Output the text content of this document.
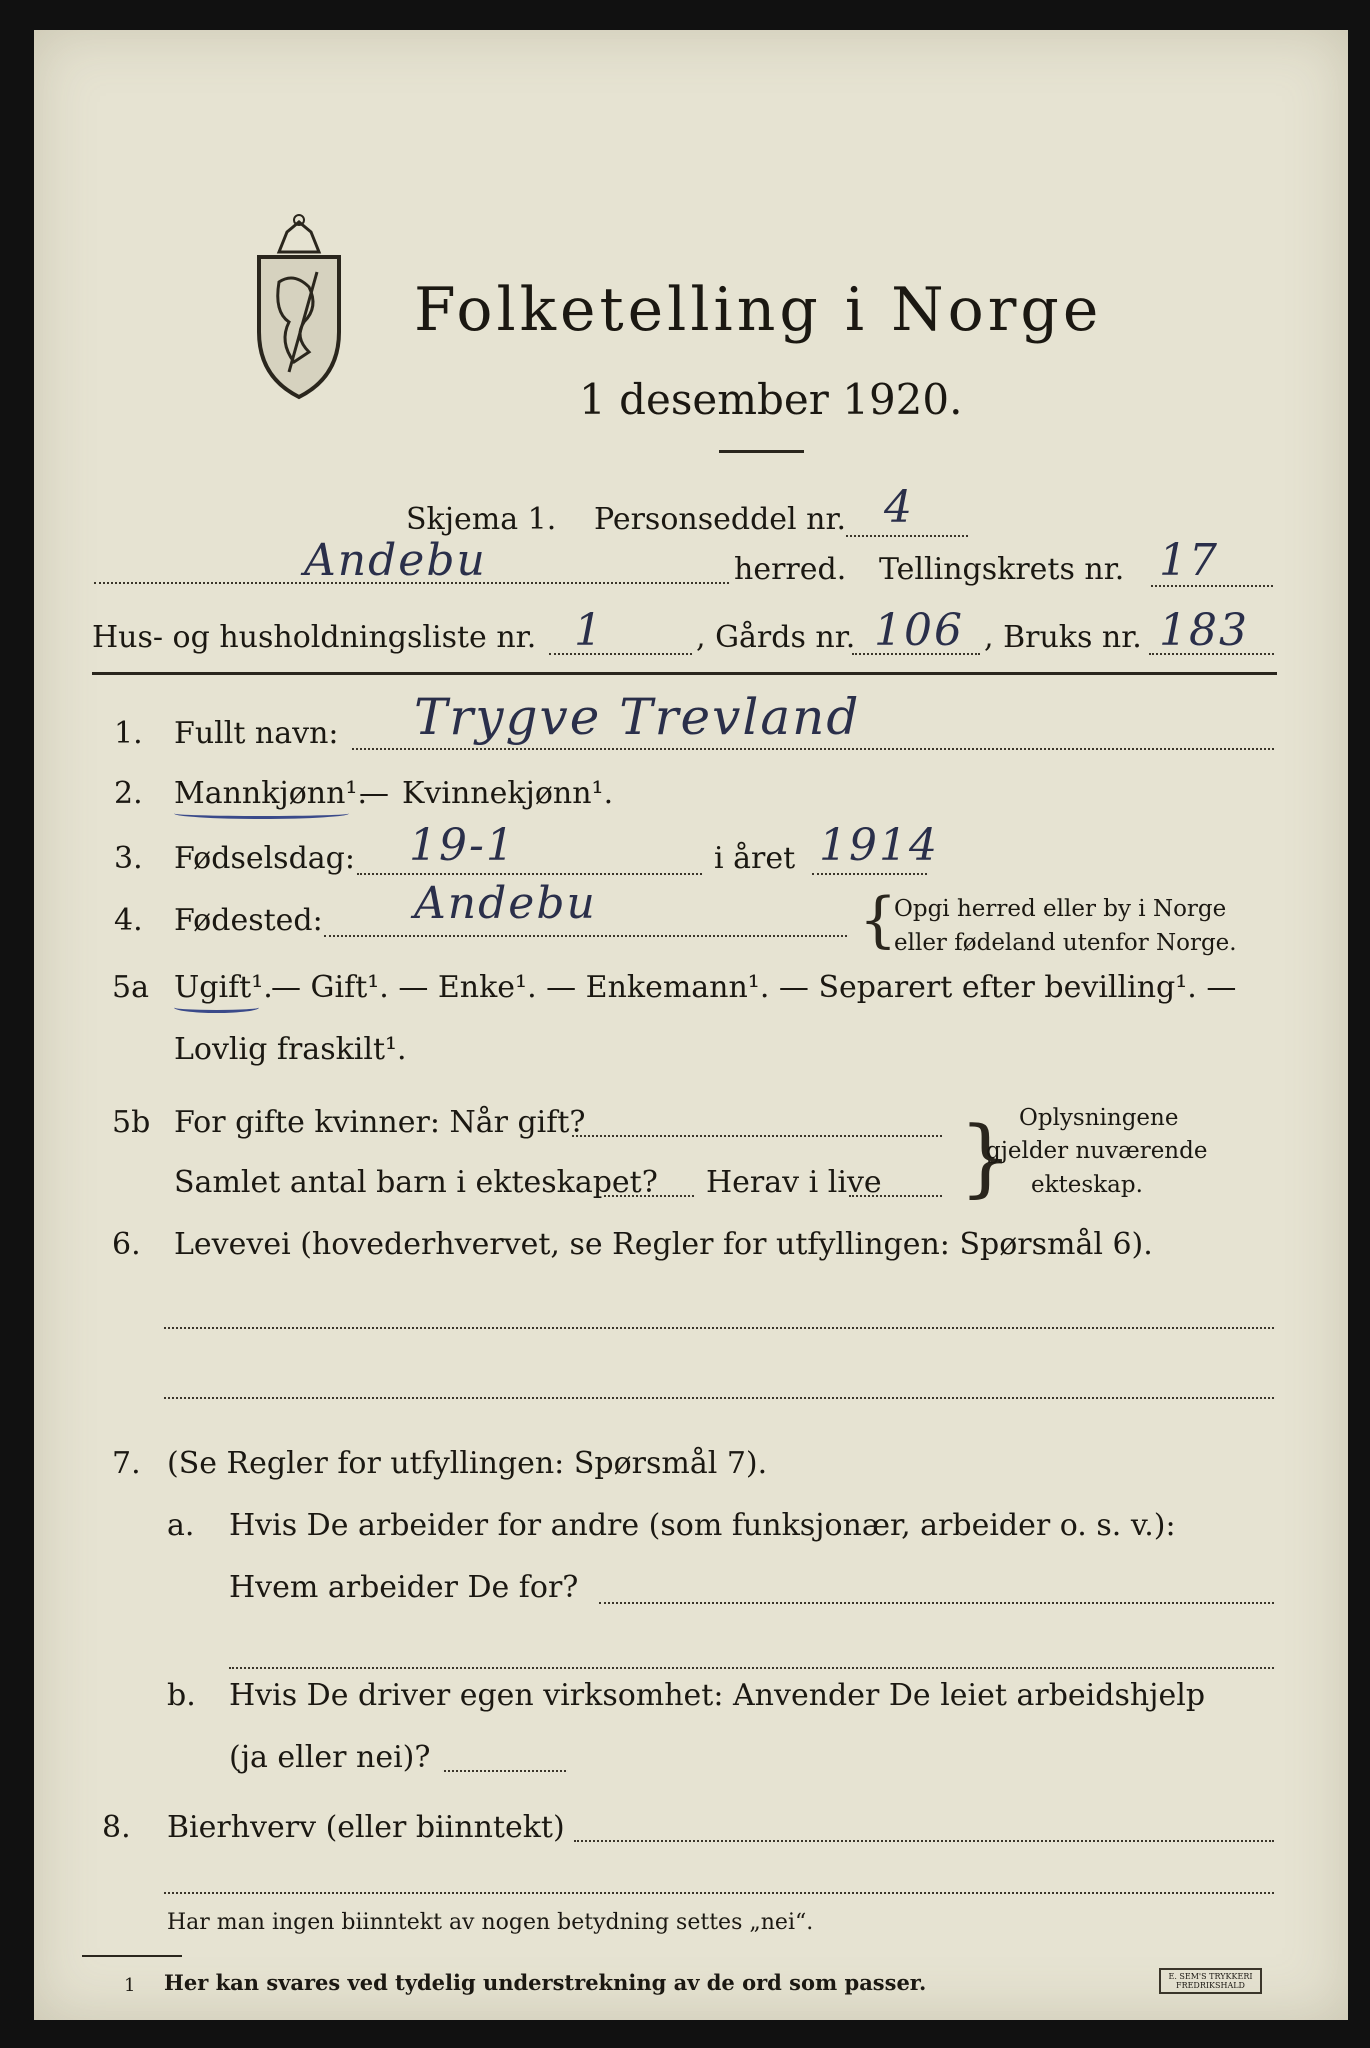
Folketelling i Norge
1 desember 1920.
Skjema 1. Personseddel nr. 4
Andebu	herred. Tellingskrets nr. 17
Hus- og husholdningsliste nr. 1	, Gårds nr. 106 , Bruks nr. 183
1. Fullt navn: Trygve Trevland
2. Mannkjønn¹.
— Kvinnekjønn¹.
3. Fødselsdag: 19-1	i året 1914
4. Fødested: Andebu	{
Opgi herred eller by i Norge
eller fødeland utenfor Norge.
5a Ugift¹.
— Gift¹. — Enke¹. — Enkemann¹. — Separert efter bevilling¹. —
Lovlig fraskilt¹.
5b For gifte kvinner: Når gift?
Samlet antal barn i ekteskapet? Herav i live } Oplysningene
gjelder nuværende
ekteskap.
6. Levevei (hovederhvervet, se Regler for utfyllingen: Spørsmål 6).
7. (Se Regler for utfyllingen: Spørsmål 7).
a. Hvis De arbeider for andre (som funksjonær, arbeider o. s. v.):
Hvem arbeider De for?
b. Hvis De driver egen virksomhet: Anvender De leiet arbeidshjelp
(ja eller nei)?
8. Bierhverv (eller biinntekt)
Har man ingen biinntekt av nogen betydning settes „nei“.
1 Her kan svares ved tydelig understrekning av de ord som passer.	E. SEM'S TRYKKERI FREDRIKSHALD
